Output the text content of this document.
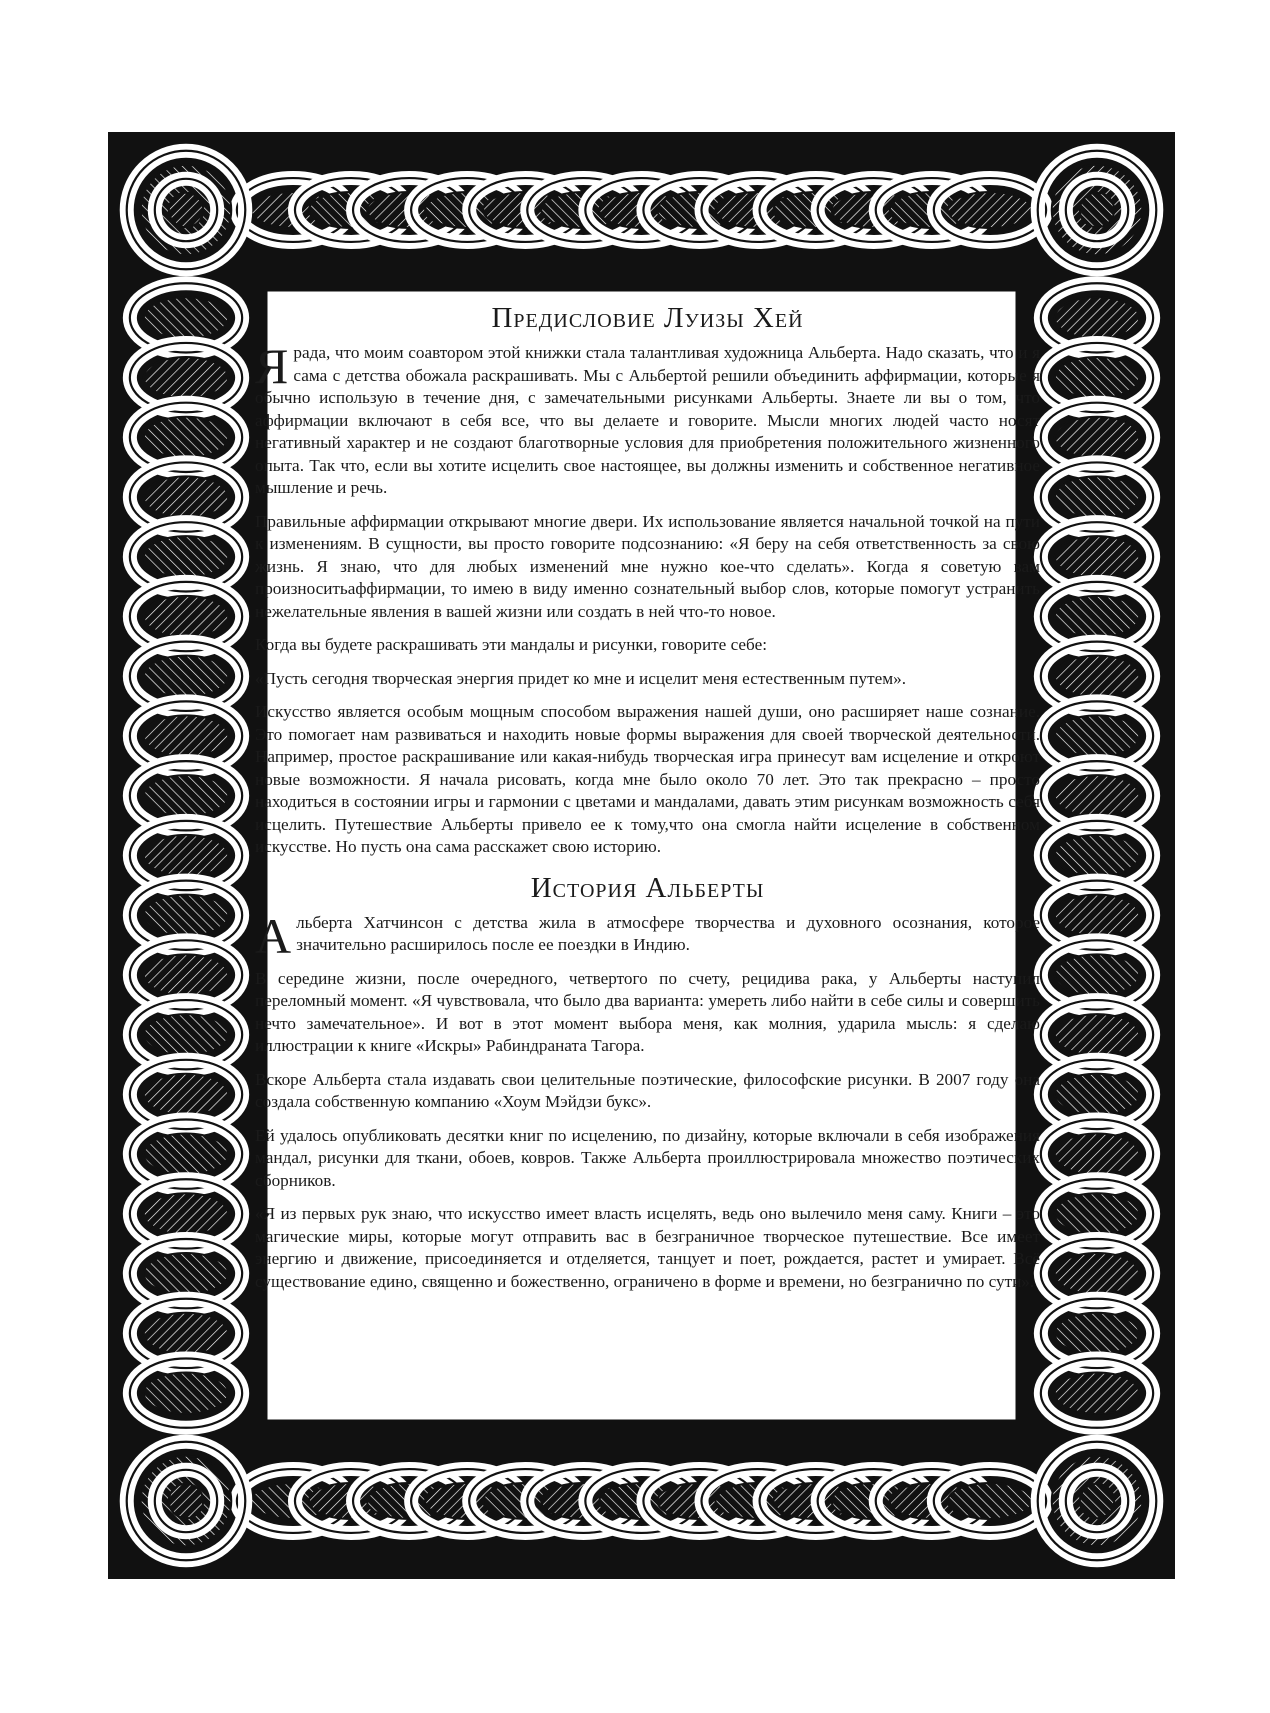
Предисловие Луизы Хей

Ярада, что моим соавтором этой книжки стала талантливая художница Альберта. Надо сказать, что и я сама с детства обожала раскрашивать. Мы с Альбертой решили объединить аффирмации, которые я обычно использую в течение дня, с замечательными рисунками Альберты. Знаете ли вы о том, что аффирмации включают в себя все, что вы делаете и говорите. Мысли многих людей часто носят негативный характер и не создают благотворные условия для приобретения положительного жизненного опыта. Так что, если вы хотите исцелить свое настоящее, вы должны изменить и собственное негативное мышление и речь.

Правильные аффирмации открывают многие двери. Их использование является начальной точкой на пути к изменениям. В сущности, вы просто говорите подсознанию: «Я беру на себя ответственность за свою жизнь. Я знаю, что для любых изменений мне нужно кое-что сделать». Когда я советую вам произноситьаффирмации, то имею в виду именно сознательный выбор слов, которые помогут устранить нежелательные явления в вашей жизни или создать в ней что-то новое.

Когда вы будете раскрашивать эти мандалы и рисунки, говорите себе:

«Пусть сегодня творческая энергия придет ко мне и исцелит меня естественным путем».

Искусство является особым мощным способом выражения нашей души, оно расширяет наше сознание. Это помогает нам развиваться и находить новые формы выражения для своей творческой деятельности. Например, простое раскрашивание или какая-нибудь творческая игра принесут вам исцеление и откроют новые возможности. Я начала рисовать, когда мне было около 70 лет. Это так прекрасно – просто находиться в состоянии игры и гармонии с цветами и мандалами, давать этим рисункам возможность себя исцелить. Путешествие Альберты привело ее к тому,что она смогла найти исцеление в собственном искусстве. Но пусть она сама расскажет свою историю.

История Альберты

Альберта Хатчинсон с детства жила в атмосфере творчества и духовного осознания, которое значительно расширилось после ее поездки в Индию.

В середине жизни, после очередного, четвертого по счету, рецидива рака, у Альберты наступил переломный момент. «Я чувствовала, что было два варианта: умереть либо найти в себе силы и совершить нечто замечательное». И вот в этот момент выбора меня, как молния, ударила мысль: я сделаю иллюстрации к книге «Искры» Рабиндраната Тагора.

Вскоре Альберта стала издавать свои целительные поэтические, философские рисунки. В 2007 году она создала собственную компанию «Хоум Мэйдзи букс».

Ей удалось опубликовать десятки книг по исцелению, по дизайну, которые включали в себя изображения мандал, рисунки для ткани, обоев, ковров. Также Альберта проиллюстрировала множество поэтических сборников.

«Я из первых рук знаю, что искусство имеет власть исцелять, ведь оно вылечило меня саму. Книги – это магические миры, которые могут отправить вас в безграничное творческое путешествие. Все имеет энергию и движение, присоединяется и отделяется, танцует и поет, рождается, растет и умирает. Всё существование едино, священно и божественно, ограничено в форме и времени, но безгранично по сути».
